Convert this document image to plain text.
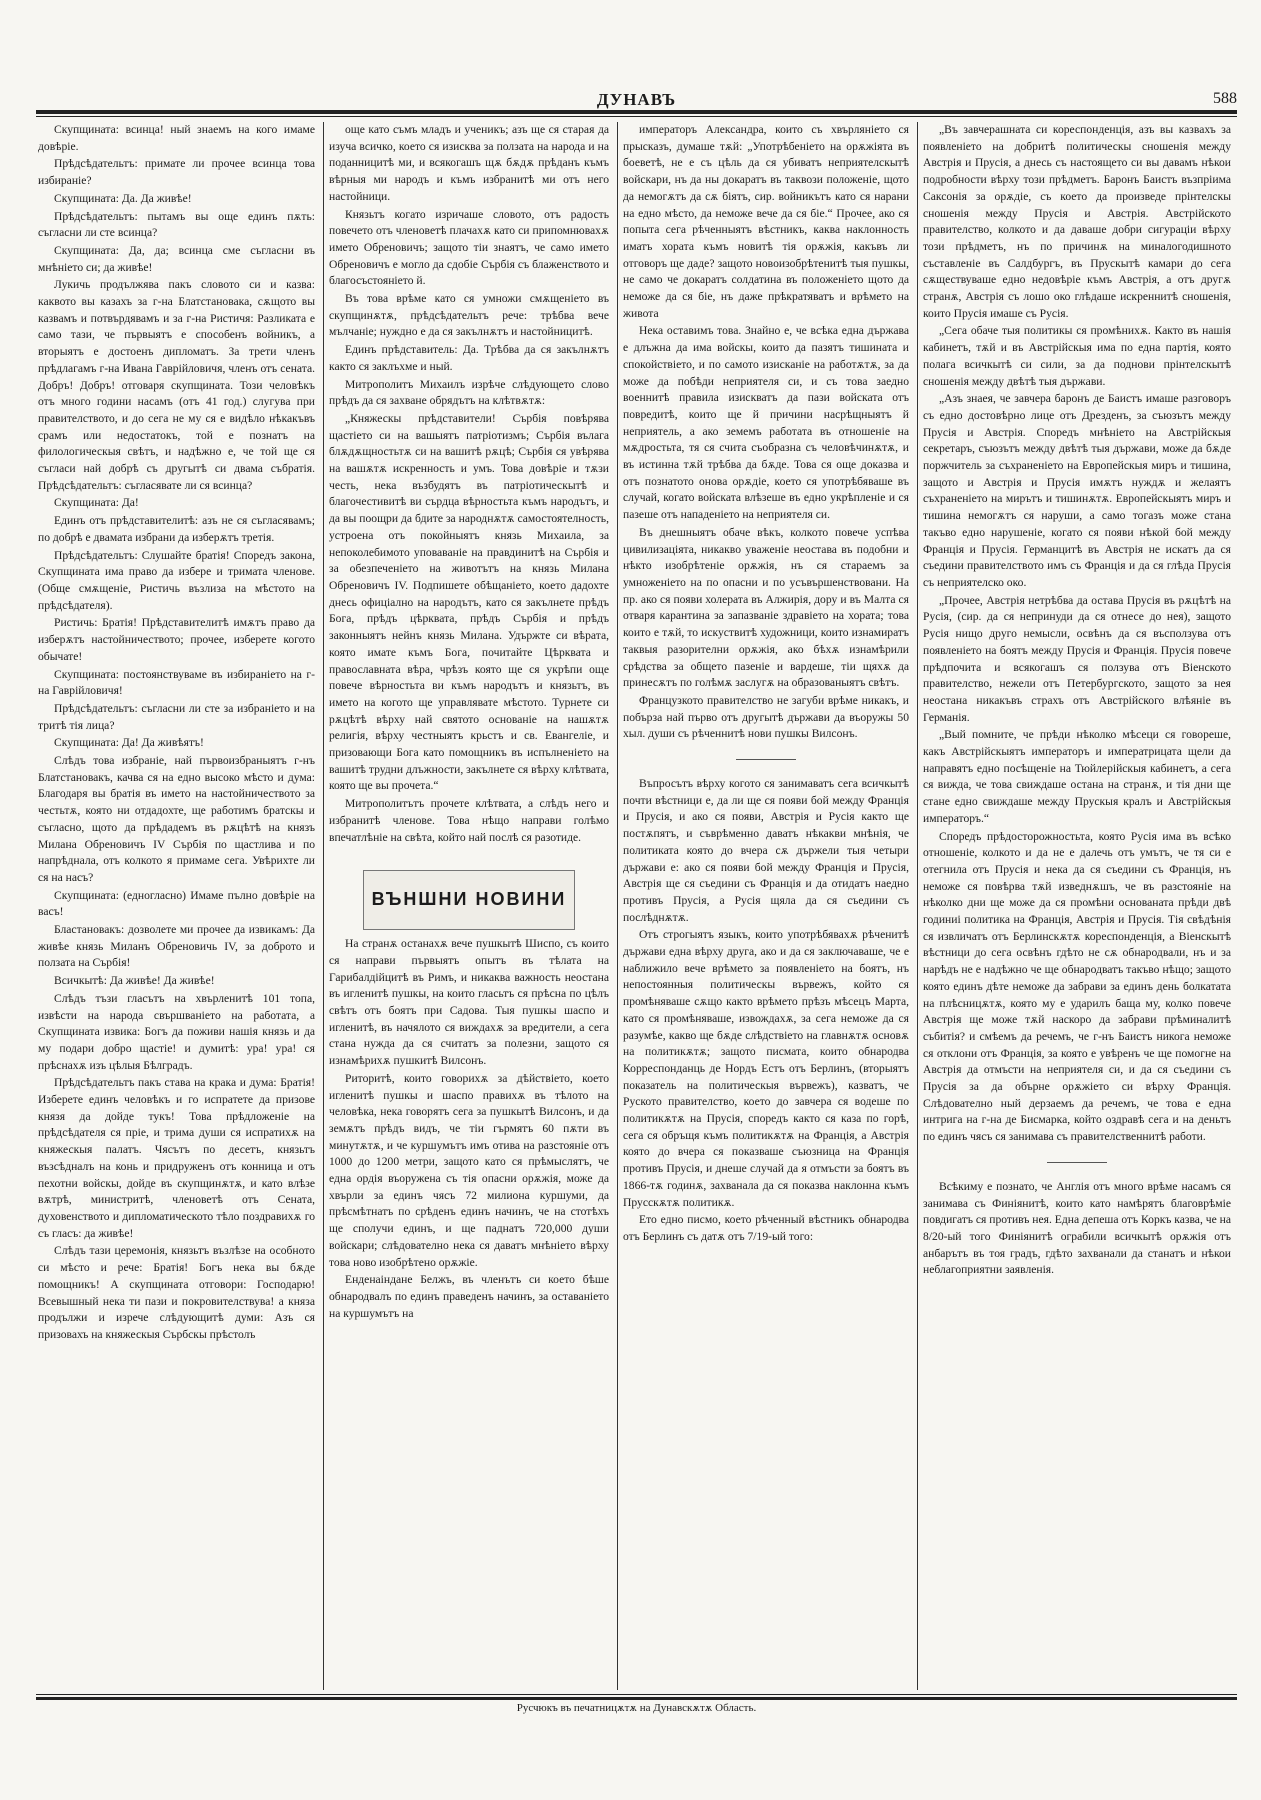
ДУНАВЪ	588

Скупщината: всинца! ный знаемъ на кого имаме довѣріе.

Прѣдсѣдательтъ: примате ли прочее всинца това избираніе?

Скупщината: Да. Да живѣе!

Прѣдсѣдательтъ: пытамъ вы още единъ пѫть: съгласни ли сте всинца?

Скупщината: Да, да; всинца сме съгласни въ мнѣніето си; да живѣе!

Лукичь продължява пакъ словото си и казва: каквото вы казахъ за г-на Блатстановака, сѫщото вы казвамъ и потвърдявамъ и за г-на Ристичя: Разликата е само тази, че първыятъ е способенъ войникъ, а вторыятъ е достоенъ дипломатъ. За трети членъ прѣдлагамъ г-на Ивана Гаврійловичя, членъ отъ сената. Добръ! Добръ! отговаря скупщината. Този человѣкъ отъ много години насамъ (отъ 41 год.) слугува при правителството, и до сега не му ся е видѣло нѣкакъвъ срамъ или недостатокъ, той е познатъ на филологическыя свѣтъ, и надѣжно е, че той ще ся съгласи най добрѣ съ другытѣ си двама събратія. Прѣдсѣдательтъ: съгласявате ли ся всинца?

Скупщината: Да!

Единъ отъ прѣдставителитѣ: азъ не ся съгласявамъ; по добрѣ е двамата избрани да изберѫтъ третія.

Прѣдсѣдательтъ: Слушайте братія! Споредъ закона, Скупщината има право да избере и тримата членове. (Обще смѫщеніе, Ристичь възлиза на мѣстото на прѣдсѣдателя).

Ристичь: Братія! Прѣдставителитѣ имѫтъ право да изберѫтъ настойничеството; прочее, изберете когото обычате!

Скупщината: постоянствуваме въ избираніето на г-на Гаврійловичя!

Прѣдсѣдательтъ: съгласни ли сте за избраніето и на тритѣ тія лица?

Скупщината: Да! Да живѣятъ!

Слѣдъ това избраніе, най първоизбраныятъ г-нъ Блатстановакъ, качва ся на едно высоко мѣсто и дума: Благодаря вы братія въ името на настойничеството за честьтѫ, която ни отдадохте, ще работимъ братскы и съгласно, щото да прѣдадемъ въ рѫцѣтѣ на князъ Милана Обреновичъ IV Сърбія по щастлива и по напрѣднала, отъ колкото я примаме сега. Увѣрихте ли ся на насъ?

Скупщината: (едногласно) Имаме пълно довѣріе на васъ!

Бластановакъ: дозволете ми прочее да извикамъ: Да живѣе князь Миланъ Обреновичь IV, за доброто и ползата на Сърбія!

Всичкытѣ: Да живѣе! Да живѣе!

Слѣдъ тъзи гласътъ на хвърленитѣ 101 топа, извѣсти на народа свършваніето на работата, а Скупщината извика: Богъ да поживи нашія князь и да му подари добро щастіе! и думитѣ: ура! ура! ся прѣснахѫ изъ цѣлыя Бѣлградъ.

Прѣдсѣдательтъ пакъ става на крака и дума: Братія! Изберете единъ человѣкъ и го испратете да призове князя да дойде тукъ! Това прѣдложеніе на прѣдсѣдателя ся пріе, и трима души ся испратихѫ на княжескыя палатъ. Чясътъ по десетъ, князьтъ възсѣдналъ на конь и придруженъ отъ конница и отъ пехотни войскы, дойде въ скупщинѫтѫ, и като влѣзе вѫтрѣ, министритѣ, членоветѣ отъ Сената, духовенството и дипломатическото тѣло поздравихѫ го съ гласъ: да живѣе!

Слѣдъ тази церемонія, князьтъ възлѣзе на особното си мѣсто и рече: Братія! Богъ нека вы бѫде помощникъ! А скупщината отговори: Господарю! Всевышный нека ти пази и покровителствува! а княза продължи и изрече слѣдующитѣ думи: Азъ ся призовахъ на княжескыя Сърбскы прѣстолъ

още като съмъ младъ и ученикъ; азъ ще ся старая да изуча всичко, което ся изисква за ползата на народа и на поданницитѣ ми, и всякогашъ щѫ бѫдѫ прѣданъ къмъ вѣрныя ми народъ и къмъ избранитѣ ми отъ него настойници.

Князьтъ когато изричаше словото, отъ радость повечето отъ членоветѣ плачахѫ като си припомнювахѫ името Обреновичъ; защото тіи знаятъ, че само името Обреновичъ е могло да сдобіе Сърбія съ блаженството и благосъстояніето й.

Въ това врѣме като ся умножи смѫщеніето въ скупщинѫтѫ, прѣдсѣдательтъ рече: трѣбва вече мълчаніе; нуждно е да ся закълнѫтъ и настойницитѣ.

Единъ прѣдставитель: Да. Трѣбва да ся закълнѫтъ както ся заклъхме и ный.

Митрополитъ Михаилъ изрѣче слѣдующето слово прѣдъ да ся захване обрядътъ на клѣтвѫтѫ:

„Княжескы прѣдставители! Сърбія повѣрява щастіето си на вашыятъ патріотизмъ; Сърбія вълага блѫдѫщностьтѫ си на вашитѣ рѫцѣ; Сърбія ся увѣрява на вашѫтѫ искренность и умъ. Това довѣріе и тѫзи честь, нека възбудятъ въ патріотическытѣ и благочестивитѣ ви сърдца вѣрностьта къмъ народътъ, и да вы поощри да бдите за народнѫтѫ самостоятелность, устроена отъ покойныятъ князь Михаила, за непоколебимото уповаваніе на правдинитѣ на Сърбія и за обезпеченіето на животътъ на князь Милана Обреновичъ IV. Подпишете обѣщаніето, което дадохте днесь офиціално на народътъ, като ся закълнете прѣдъ Бога, прѣдъ цѣрквата, прѣдъ Сърбія и прѣдъ законныятъ нейнъ князь Милана. Удържте си вѣрата, която имате къмъ Бога, почитайте Цѣрквата и православната вѣра, чрѣзъ която ще ся укрѣпи още повече вѣрностьта ви къмъ народътъ и князьтъ, въ името на когото ще управлявате мѣстото. Турнете си рѫцѣтѣ вѣрху най святото основаніе на нашѫтѫ религія, вѣрху честныятъ крьстъ и св. Евангеліе, и призовающи Бога като помощникъ въ испълненіето на вашитѣ трудни длъжности, закълнете ся вѣрху клѣтвата, която ще вы прочета.“

Митрополитътъ прочете клѣтвата, а слѣдъ него и избранитѣ членове. Това нѣщо направи голѣмо впечатлѣніе на свѣта, който най послѣ ся разотиде.

ВЪНШНИ НОВИНИ

На странѫ останахѫ вече пушкытѣ Шиспо, съ които ся направи първыятъ опытъ въ тѣлата на Гарибалдійцитѣ въ Римъ, и никаква важность неостана въ игленитѣ пушкы, на които гласьтъ ся прѣсна по цѣлъ свѣтъ отъ боятъ при Садова. Тыя пушкы шаспо и игленитѣ, въ начялото ся виждахѫ за вредители, а сега стана нужда да ся считатъ за полезни, защото ся изнамѣрихѫ пушкитѣ Вилсонъ.

Риторитѣ, които говорихѫ за дѣйствіето, което игленитѣ пушкы и шаспо правихѫ въ тѣлото на человѣка, нека говорятъ сега за пушкытѣ Вилсонъ, и да земѫтъ прѣдъ видъ, че тіи гърмятъ 60 пѫти въ минутѫтѫ, и че куршумътъ имъ отива на разстояніе отъ 1000 до 1200 метри, защото като ся прѣмыслятъ, че една ордія въоружена съ тія опасни орѫжія, може да хвърли за единъ чясъ 72 милиона куршуми, да прѣсмѣтнатъ по срѣденъ единъ начинъ, че на стотѣхъ ще сполучи единъ, и ще паднатъ 720,000 души войскари; слѣдователно нека ся даватъ мнѣніето вѣрху това ново изобрѣтено орѫжіе.

Енденаіндане Белжъ, въ членътъ си което бѣше обнародвалъ по единъ праведенъ начинъ, за оставаніето на куршумътъ на

императоръ Александра, които съ хвърляніето ся прысказъ, думаше тѫй: „Употрѣбеніето на орѫжіята въ боеветѣ, не е съ цѣль да ся убиватъ неприятелскытѣ войскари, нъ да ны докаратъ въ таквози положеніе, щото да немогѫтъ да сѫ біятъ, сир. войникътъ като ся нарани на едно мѣсто, да неможе вече да ся біе.“ Прочее, ако ся попыта сега рѣченныятъ вѣстникъ, каква наклонность иматъ хората къмъ новитѣ тія орѫжія, какъвъ ли отговоръ ще даде? защото новоизобрѣтенитѣ тыя пушкы, не само че докаратъ солдатина въ положеніето щото да неможе да ся біе, нъ даже прѣкратяватъ и врѣмето на живота

Нека оставимъ това. Знайно е, че всѣка една държава е длъжна да има войскы, които да пазятъ тишината и спокойствіето, и по самото изисканіе на работѫтѫ, за да може да побѣди неприятеля си, и съ това заедно военнитѣ правила изискватъ да пази войската отъ повредитѣ, които ще й причини насрѣщныятъ й неприятель, а ако земемъ работата въ отношеніе на мѫдростьта, тя ся счита съобразна съ человѣчинѫтѫ, и въ истинна тѫй трѣбва да бѫде. Това ся още доказва и отъ познатото оновa орѫдіе, което ся употрѣбяваше въ случай, когато войската влѣзеше въ едно укрѣпленіе и ся пазеше отъ нападеніето на неприятеля си.

Въ днешныятъ обаче вѣкъ, колкото повече успѣва цивилизаціята, никакво уваженіе неостава въ подобни и нѣкто изобрѣтеніе орѫжія, нъ ся стараемъ за умноженіето на по опасни и по усъвършенствовани. На пр. ако ся появи холерата въ Алжирія, дору и въ Малта ся отваря карантина за запазваніе здравіето на хората; това които е тѫй, то искуствитѣ художници, които изнамиратъ таквыя разорителни орѫжія, ако бѣхѫ изнамѣрили срѣдства за общето пазеніе и вардеше, тіи щяхѫ да принесѫтъ по голѣмѫ заслугѫ на образованыятъ свѣтъ.

Французкото правителство не загуби врѣме никакъ, и побърза най първо отъ другытѣ държави да въоружы 50 хыл. души съ рѣченнитѣ нови пушкы Вилсонъ.

Въпросътъ вѣрху когото ся занимаватъ сега всичкытѣ почти вѣстници е, да ли ще ся появи бой между Франція и Прусія, и ако ся появи, Австрія и Русія както ще постѫпятъ, и съврѣменно даватъ нѣкакви мнѣнія, че политиката която до вчера сѫ държели тыя четыри държави е: ако ся появи бой между Франція и Прусія, Австрія ще ся съедини съ Франція и да отидатъ наедно противъ Прусія, а Русія щяла да ся съедини съ послѣднѫтѫ.

Отъ строгыятъ языкъ, които употрѣбявахѫ рѣченитѣ държави една вѣрху друга, ако и да ся заключаваше, че е наближило вече врѣмето за появленіето на боятъ, нъ непостоянныя политическы вървежъ, който ся промѣняваше сѫщо както врѣмето прѣзъ мѣсецъ Марта, като ся промѣняваше, извождахѫ, за сега неможе да ся разумѣе, какво ще бѫде слѣдствіето на главнѫтѫ основѫ на политикѫтѫ; защото писмата, които обнародва Корреспонданць де Нордъ Естъ отъ Берлинъ, (вторыятъ показатель на политическыя вървежъ), казватъ, че Руското правителство, което до завчера ся водеше по политикѫтѫ на Прусія, споредъ както ся каза по горѣ, сега ся обръщя къмъ политикѫтѫ на Франція, а Австрія която до вчера ся показваше съюзница на Франція противъ Прусія, и днеше случай да я отмъсти за боятъ въ 1866-тѫ годинѫ, захванала да ся показва наклонна къмъ Прусскѫтѫ политикѫ.

Ето едно писмо, което рѣченный вѣстникъ обнародва отъ Берлинъ съ датѫ отъ 7/19-ый того:

„Въ завчерашната си кореспонденція, азъ вы казвахъ за появленіето на добритѣ политическы сношенія между Австрія и Прусія, а днесь съ настоящето си вы давамъ нѣкои подробности вѣрху този прѣдметъ. Баронъ Баистъ възпріима Саксонія за орѫдіе, съ което да произведе прінтелскы сношенія между Прусія и Австрія. Австрійското правителство, колкото и да даваше добри сигураціи вѣрху този прѣдметъ, нъ по причинѫ на миналогодишното съставленіе въ Салдбургъ, въ Прускытѣ камари до сега сѫществуваше едно недовѣріе къмъ Австрія, а отъ другѫ странѫ, Австрія съ лошо око глѣдаше искреннитѣ сношенія, които Прусія имаше съ Русія.

„Сега обаче тыя политикы ся промѣнихѫ. Както въ нашія кабинетъ, тѫй и въ Австрійскыя има по една партія, която полага всичкытѣ си сили, за да поднови прінтелскытѣ сношенія между двѣтѣ тыя държави.

„Азъ знаея, че завчера баронъ де Баистъ имаше разговоръ съ едно достовѣрно лице отъ Дрезденъ, за съюзътъ между Прусія и Австрія. Споредъ мнѣніето на Австрійскыя секретаръ, съюзътъ между двѣтѣ тыя държави, може да бѫде поржчитель за съхраненіето на Европейскыя миръ и тишина, защото и Австрія и Прусія имѫтъ нуждѫ и желаятъ съхраненіето на мирътъ и тишинѫтѫ. Европейскыятъ миръ и тишина немогѫтъ ся наруши, а само тогазъ може стана такъво едно нарушеніе, когато ся появи нѣкой бой между Франція и Прусія. Германцитѣ въ Австрія не искатъ да ся съедини правителството имъ съ Франція и да ся глѣда Прусія съ неприятелско око.

„Прочее, Австрія нетрѣбва да остава Прусія въ рѫцѣтѣ на Русія, (сир. да ся непринуди да ся отнесе до нея), защото Русія нищо друго немысли, освѣнъ да ся въсползува отъ появленіето на боятъ между Прусія и Франція. Прусія повече прѣдпочита и всякогашъ ся ползува отъ Віенското правителство, нежели отъ Петербургското, защото за нея неостана никакъвъ страхъ отъ Австрійского влѣяніе въ Германія.

„Вый помните, че прѣди нѣколко мѣсеци ся говореше, какъ Австрійскыятъ императоръ и императрицата щели да направятъ едно посѣщеніе на Тюйлерійскыя кабинетъ, а сега ся вижда, че това свиждаше остана на странѫ, и тія дни ще стане едно свиждаше между Прускыя кралъ и Австрійскыя императоръ.“

Споредъ прѣдосторожностьта, която Русія има въ всѣко отношеніе, колкото и да не е далечь отъ умътъ, че тя си е отегнила отъ Прусія и нека да ся съедини съ Франція, нъ неможе ся повѣрва тѫй изведнѫшъ, че въ разстояніе на нѣколко дни ще може да ся промѣни основаната прѣди двѣ годиниi политика на Франція, Австрія и Прусія. Тія свѣдѣнія ся извличатъ отъ Берлинскѫтѫ кореспонденція, а Віенскытѣ вѣстници до сега освѣнъ гдѣто не сѫ обнародвали, нъ и за нарѣдъ не е надѣжно че ще обнародватъ такъво нѣщо; защото която единъ дѣте неможе да забрави за единъ день болкатата на плѣсницѫтѫ, която му е ударилъ баща му, колко повече Австрія ще може тѫй наскоро да забрави прѣминалитѣ събитія? и смѣемъ да речемъ, че г-нъ Баистъ никога неможе ся отклони отъ Франція, за която е увѣренъ че ще помогне на Австрія да отмъсти на неприятеля си, и да ся съедини съ Прусія за да обърне орѫжіето си вѣрху Франція. Слѣдователно ный дерзаемъ да речемъ, че това е една интрига на г-на де Бисмарка, който оздравѣ сега и на деньтъ по единъ чясъ ся занимава съ правителственнитѣ работи.

Всѣкиму е познато, че Англія отъ много врѣме насамъ ся занимава съ Финіянитѣ, които като намѣрятъ благоврѣміе повдигатъ ся противъ нея. Една депеша отъ Коркъ казва, че на 8/20-ый того Финіянитѣ ограбили всичкытѣ орѫжія отъ анбарътъ въ тоя градъ, гдѣто захванали да станатъ и нѣкои неблагоприятни заявленія.

Русчюкъ въ печатницѫтѫ на Дунавскѫтѫ Область.
